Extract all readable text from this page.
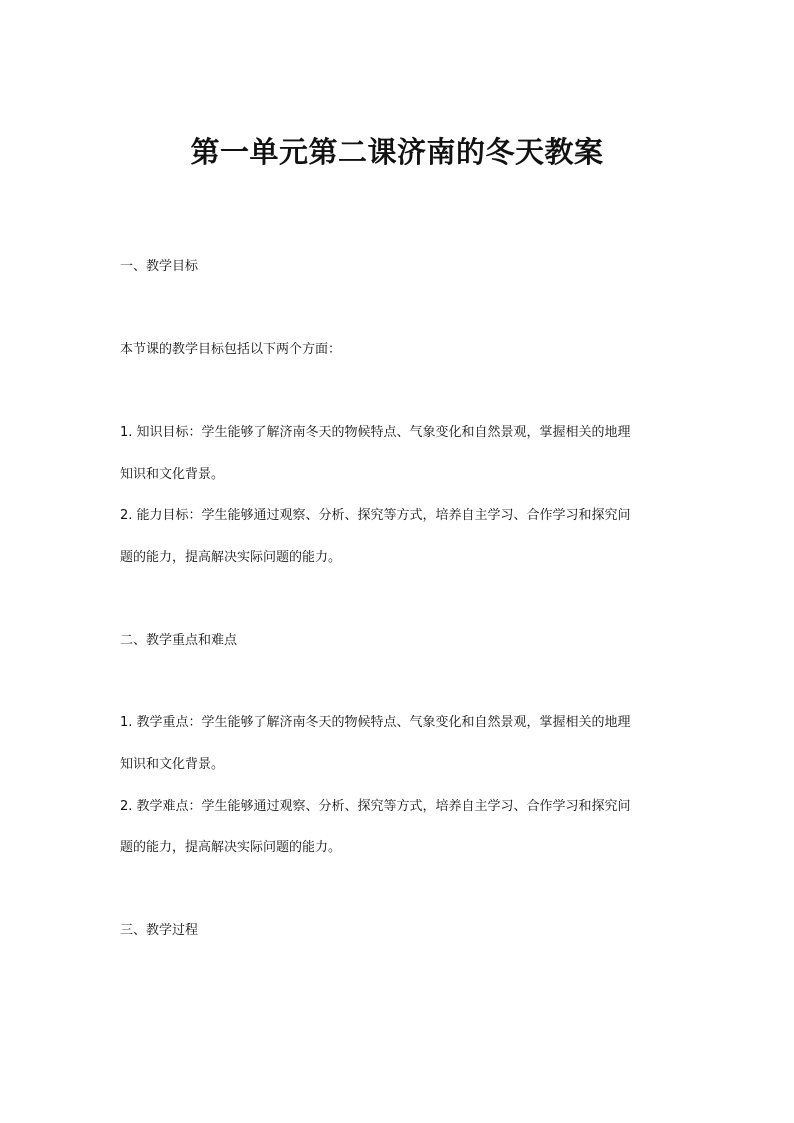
第一单元第二课济南的冬天教案
一、教学目标
本节课的教学目标包括以下两个方面：
1. 知识目标：学生能够了解济南冬天的物候特点、气象变化和自然景观，掌握相关的地理
知识和文化背景。
2. 能力目标：学生能够通过观察、分析、探究等方式，培养自主学习、合作学习和探究问
题的能力，提高解决实际问题的能力。
二、教学重点和难点
1. 教学重点：学生能够了解济南冬天的物候特点、气象变化和自然景观，掌握相关的地理
知识和文化背景。
2. 教学难点：学生能够通过观察、分析、探究等方式，培养自主学习、合作学习和探究问
题的能力，提高解决实际问题的能力。
三、教学过程
